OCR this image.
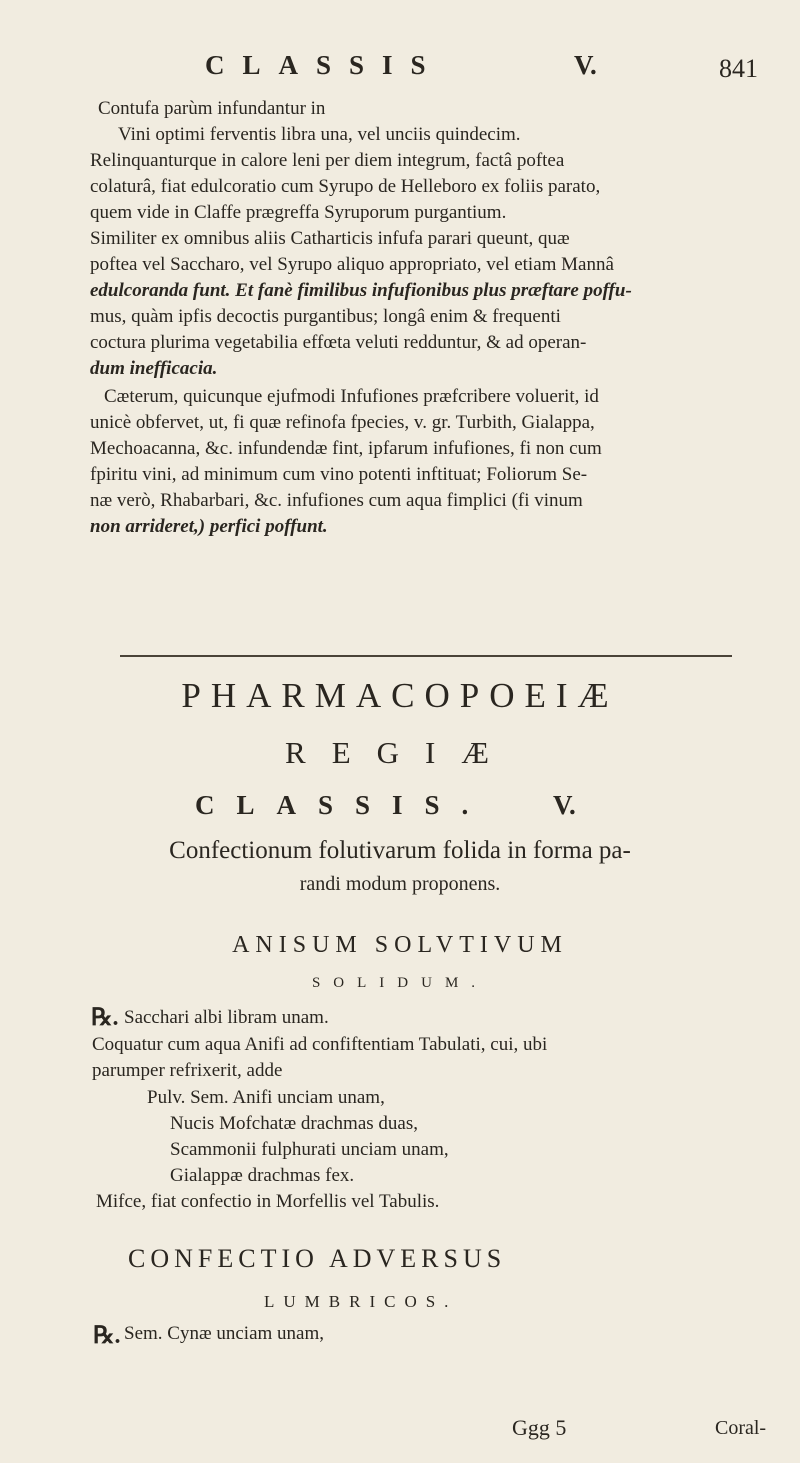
CLASSIS	V.	841
Contufa parùm infundantur in
Vini optimi ferventis libra una, vel unciis quindecim.
Relinquanturque in calore leni per diem integrum, factâ poftea
colaturâ, fiat edulcoratio cum Syrupo de Helleboro ex foliis parato,
quem vide in Claffe prægreffa Syruporum purgantium.
Similiter ex omnibus aliis Catharticis infufa parari queunt, quæ
poftea vel Saccharo, vel Syrupo aliquo appropriato, vel etiam Mannâ
edulcoranda funt. Et fanè fimilibus infufionibus plus præftare poffu-
mus, quàm ipfis decoctis purgantibus; longâ enim & frequenti
coctura plurima vegetabilia effœta veluti redduntur, & ad operan-
dum inefficacia.
Cæterum, quicunque ejufmodi Infufiones præfcribere voluerit, id
unicè obfervet, ut, fi quæ refinofa fpecies, v. gr. Turbith, Gialappa,
Mechoacanna, &c. infundendæ fint, ipfarum infufiones, fi non cum
fpiritu vini, ad minimum cum vino potenti inftituat; Foliorum Se-
næ verò, Rhabarbari, &c. infufiones cum aqua fimplici (fi vinum
non arrideret,) perfici poffunt.
PHARMACOPOEIÆ
REGIÆ
CLASSIS. V.
Confectionum folutivarum folida in forma pa-
randi modum proponens.
ANISUM SOLVTIVUM
SOLIDUM.
℞. Sacchari albi libram unam.
Coquatur cum aqua Anifi ad confiftentiam Tabulati, cui, ubi
parumper refrixerit, adde
Pulv. Sem. Anifi unciam unam,
Nucis Mofchatæ drachmas duas,
Scammonii fulphurati unciam unam,
Gialappæ drachmas fex.
Mifce, fiat confectio in Morfellis vel Tabulis.
CONFECTIO ADVERSUS
LUMBRICOS.
℞. Sem. Cynæ unciam unam,
Ggg 5	Coral-
